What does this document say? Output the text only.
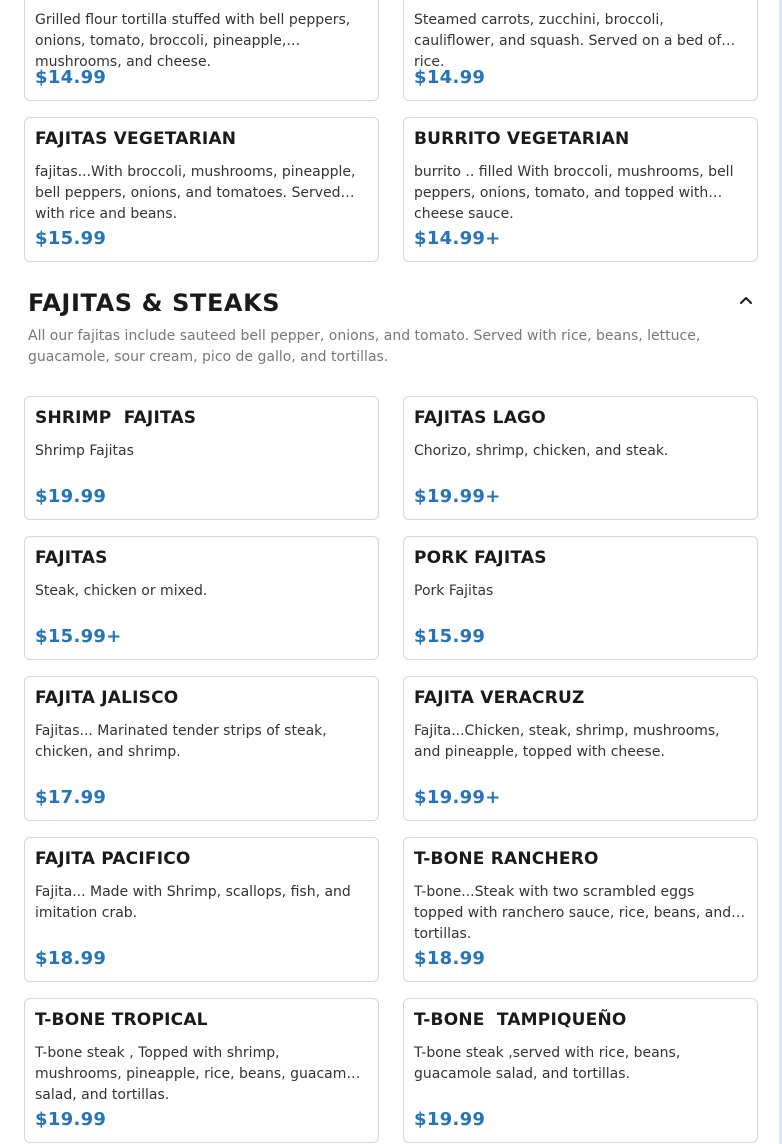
Grilled flour tortilla stuffed with bell peppers, onions, tomato, broccoli, pineapple, mushrooms, and cheese.
$14.99
Steamed carrots, zucchini, broccoli, cauliflower, and squash. Served on a bed of rice.
$14.99
FAJITAS VEGETARIAN
fajitas...With broccoli, mushrooms, pineapple, bell peppers, onions, and tomatoes. Served with rice and beans.
$15.99
BURRITO VEGETARIAN
burrito .. filled With broccoli, mushrooms, bell peppers, onions, tomato, and topped with cheese sauce.
$14.99+
FAJITAS & STEAKS
All our fajitas include sauteed bell pepper, onions, and tomato. Served with rice, beans, lettuce, guacamole, sour cream, pico de gallo, and tortillas.
SHRIMP  FAJITAS
Shrimp Fajitas
$19.99
FAJITAS LAGO
Chorizo, shrimp, chicken, and steak.
$19.99+
FAJITAS
Steak, chicken or mixed.
$15.99+
PORK FAJITAS
Pork Fajitas
$15.99
FAJITA JALISCO
Fajitas... Marinated tender strips of steak, chicken, and shrimp.
$17.99
FAJITA VERACRUZ
Fajita...Chicken, steak, shrimp, mushrooms, and pineapple, topped with cheese.
$19.99+
FAJITA PACIFICO
Fajita... Made with Shrimp, scallops, fish, and imitation crab.
$18.99
T-BONE RANCHERO
T-bone...Steak with two scrambled eggs topped with ranchero sauce, rice, beans, and tortillas.
$18.99
T-BONE TROPICAL
T-bone steak , Topped with shrimp, mushrooms, pineapple, rice, beans, guacamole salad, and tortillas.
$19.99
T-BONE  TAMPIQUEÑO
T-bone steak ,served with rice, beans, guacamole salad, and tortillas.
$19.99
